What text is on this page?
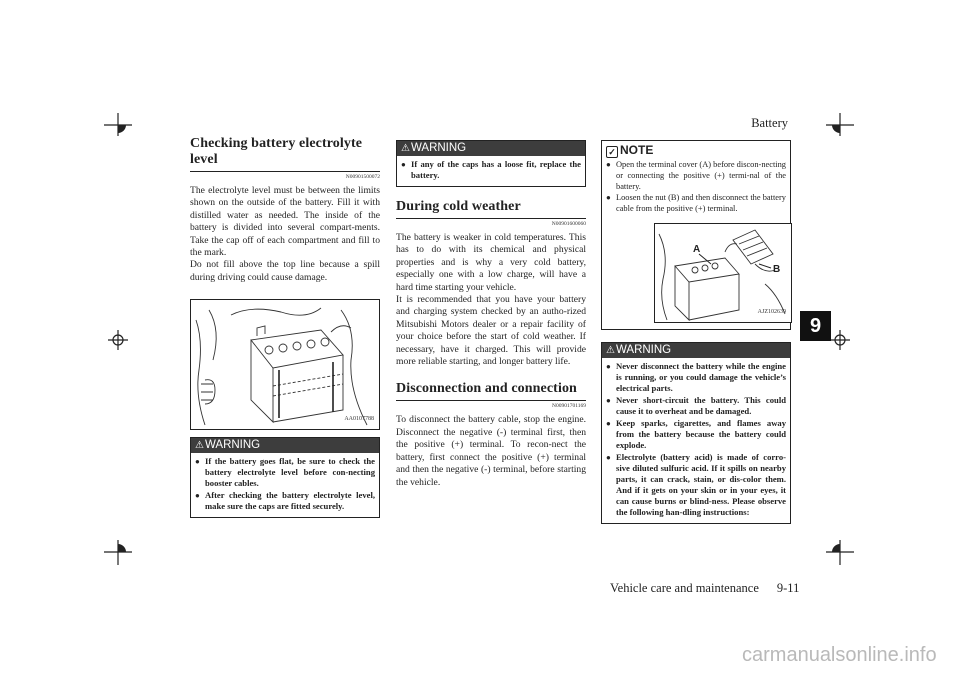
Battery
Vehicle care and maintenance 9-11
9
carmanualsonline.info
Checking battery electrolyte
level
N00901500072

The electrolyte level must be between the limits shown on the outside of the battery. Fill it with distilled water as needed. The inside of the battery is divided into several compart-ments. Take the cap off of each compartment and fill to the mark.

Do not fill above the top line because a spill during driving could cause damage.

AA0107788
⚠WARNING
● If the battery goes flat, be sure to check the battery electrolyte level before con-necting booster cables.
● After checking the battery electrolyte level, make sure the caps are fitted securely.
⚠WARNING
● If any of the caps has a loose fit, replace the battery.
During cold weather
N00901600060

The battery is weaker in cold temperatures. This has to do with its chemical and physical properties and is why a very cold battery, especially one with a low charge, will have a hard time starting your vehicle.

It is recommended that you have your battery and charging system checked by an autho-rized Mitsubishi Motors dealer or a repair facility of your choice before the start of cold weather. If necessary, have it charged. This will provide more reliable starting, and longer battery life.

Disconnection and connection
N00901701169

To disconnect the battery cable, stop the engine. Disconnect the negative (-) terminal first, then the positive (+) terminal. To recon-nect the battery, first connect the positive (+) terminal and then the negative (-) terminal, before starting the vehicle.

✓ NOTE
● Open the terminal cover (A) before discon-necting or connecting the positive (+) termi-nal of the battery.
● Loosen the nut (B) and then disconnect the battery cable from the positive (+) terminal.
A
B
AJZ102639
⚠WARNING
● Never disconnect the battery while the engine is running, or you could damage the vehicle’s electrical parts.
● Never short-circuit the battery. This could cause it to overheat and be damaged.
● Keep sparks, cigarettes, and flames away from the battery because the battery could explode.
● Electrolyte (battery acid) is made of corro-sive diluted sulfuric acid. If it spills on nearby parts, it can crack, stain, or dis-color them. And if it gets on your skin or in your eyes, it can cause burns or blind-ness. Please observe the following han-dling instructions:
